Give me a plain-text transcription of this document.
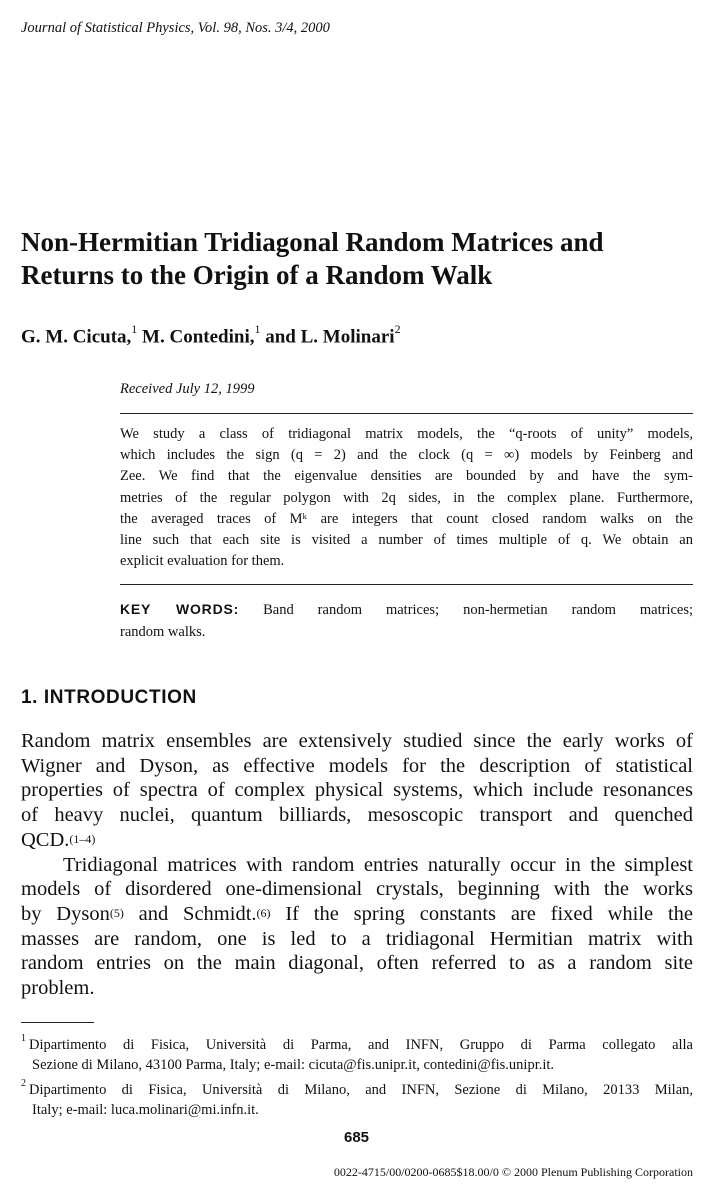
Journal of Statistical Physics, Vol. 98, Nos. 3/4, 2000
Non-Hermitian Tridiagonal Random Matrices and
Returns to the Origin of a Random Walk
G. M. Cicuta,$^1$ M. Contedini,$^1$ and L. Molinari$^2$
Received July 12, 1999
We study a class of tridiagonal matrix models, the “q-roots of unity” models,
which includes the sign (q = 2) and the clock (q = ∞) models by Feinberg and
Zee. We find that the eigenvalue densities are bounded by and have the sym-
metries of the regular polygon with 2q sides, in the complex plane. Furthermore,
the averaged traces of Mᵏ are integers that count closed random walks on the
line such that each site is visited a number of times multiple of q. We obtain an
explicit evaluation for them.
KEY WORDS: Band random matrices; non-hermetian random matrices;
random walks.
1. INTRODUCTION
Random matrix ensembles are extensively studied since the early works of
Wigner and Dyson, as effective models for the description of statistical
properties of spectra of complex physical systems, which include resonances
of heavy nuclei, quantum billiards, mesoscopic transport and quenched
QCD.$^{(1-4)}$
Tridiagonal matrices with random entries naturally occur in the simplest
models of disordered one-dimensional crystals, beginning with the works
by Dyson$^{(5)}$ and Schmidt.$^{(6)}$ If the spring constants are fixed while the
masses are random, one is led to a tridiagonal Hermitian matrix with
random entries on the main diagonal, often referred to as a random site
problem.
$^1$ Dipartimento di Fisica, Università di Parma, and INFN, Gruppo di Parma collegato alla
Sezione di Milano, 43100 Parma, Italy; e-mail: cicuta@fis.unipr.it, contedini@fis.unipr.it.
$^2$ Dipartimento di Fisica, Università di Milano, and INFN, Sezione di Milano, 20133 Milan,
Italy; e-mail: luca.molinari@mi.infn.it.
685
0022-4715/00/0200-0685$18.00/0 © 2000 Plenum Publishing Corporation
